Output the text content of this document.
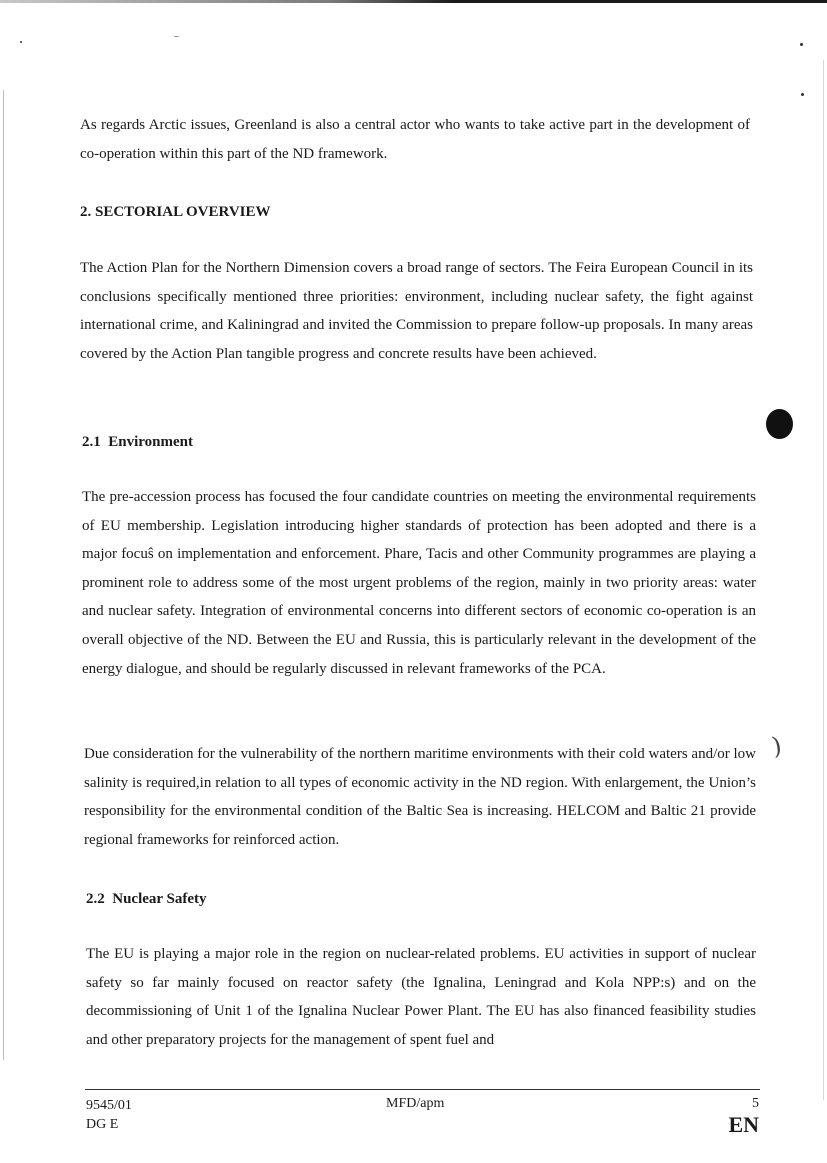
)

As regards Arctic issues, Greenland is also a central actor who wants to take active part in the development of co-operation within this part of the ND framework.

2. SECTORIAL OVERVIEW

The Action Plan for the Northern Dimension covers a broad range of sectors. The Feira European Council in its conclusions specifically mentioned three priorities: environment, including nuclear safety, the fight against international crime, and Kaliningrad and invited the Commission to prepare follow-up proposals. In many areas covered by the Action Plan tangible progress and concrete results have been achieved.

2.1  Environment

The pre-accession process has focused the four candidate countries on meeting the environmental requirements of EU membership. Legislation introducing higher standards of protection has been adopted and there is a major focuŝ on implementation and enforcement. Phare, Tacis and other Community programmes are playing a prominent role to address some of the most urgent problems of the region, mainly in two priority areas: water and nuclear safety. Integration of environmental concerns into different sectors of economic co-operation is an overall objective of the ND. Between the EU and Russia, this is particularly relevant in the development of the energy dialogue, and should be regularly discussed in relevant frameworks of the PCA.

Due consideration for the vulnerability of the northern maritime environments with their cold waters and/or low salinity is required,in relation to all types of economic activity in the ND region. With enlargement, the Union’s responsibility for the environmental condition of the Baltic Sea is increasing. HELCOM and Baltic 21 provide regional frameworks for reinforced action.

2.2  Nuclear Safety

The EU is playing a major role in the region on nuclear-related problems. EU activities in support of nuclear safety so far mainly focused on reactor safety (the Ignalina, Leningrad and Kola NPP:s) and on the decommissioning of Unit 1 of the Ignalina Nuclear Power Plant. The EU has also financed feasibility studies and other preparatory projects for the management of spent fuel and

9545/01

DG E

MFD/apm	5

EN
